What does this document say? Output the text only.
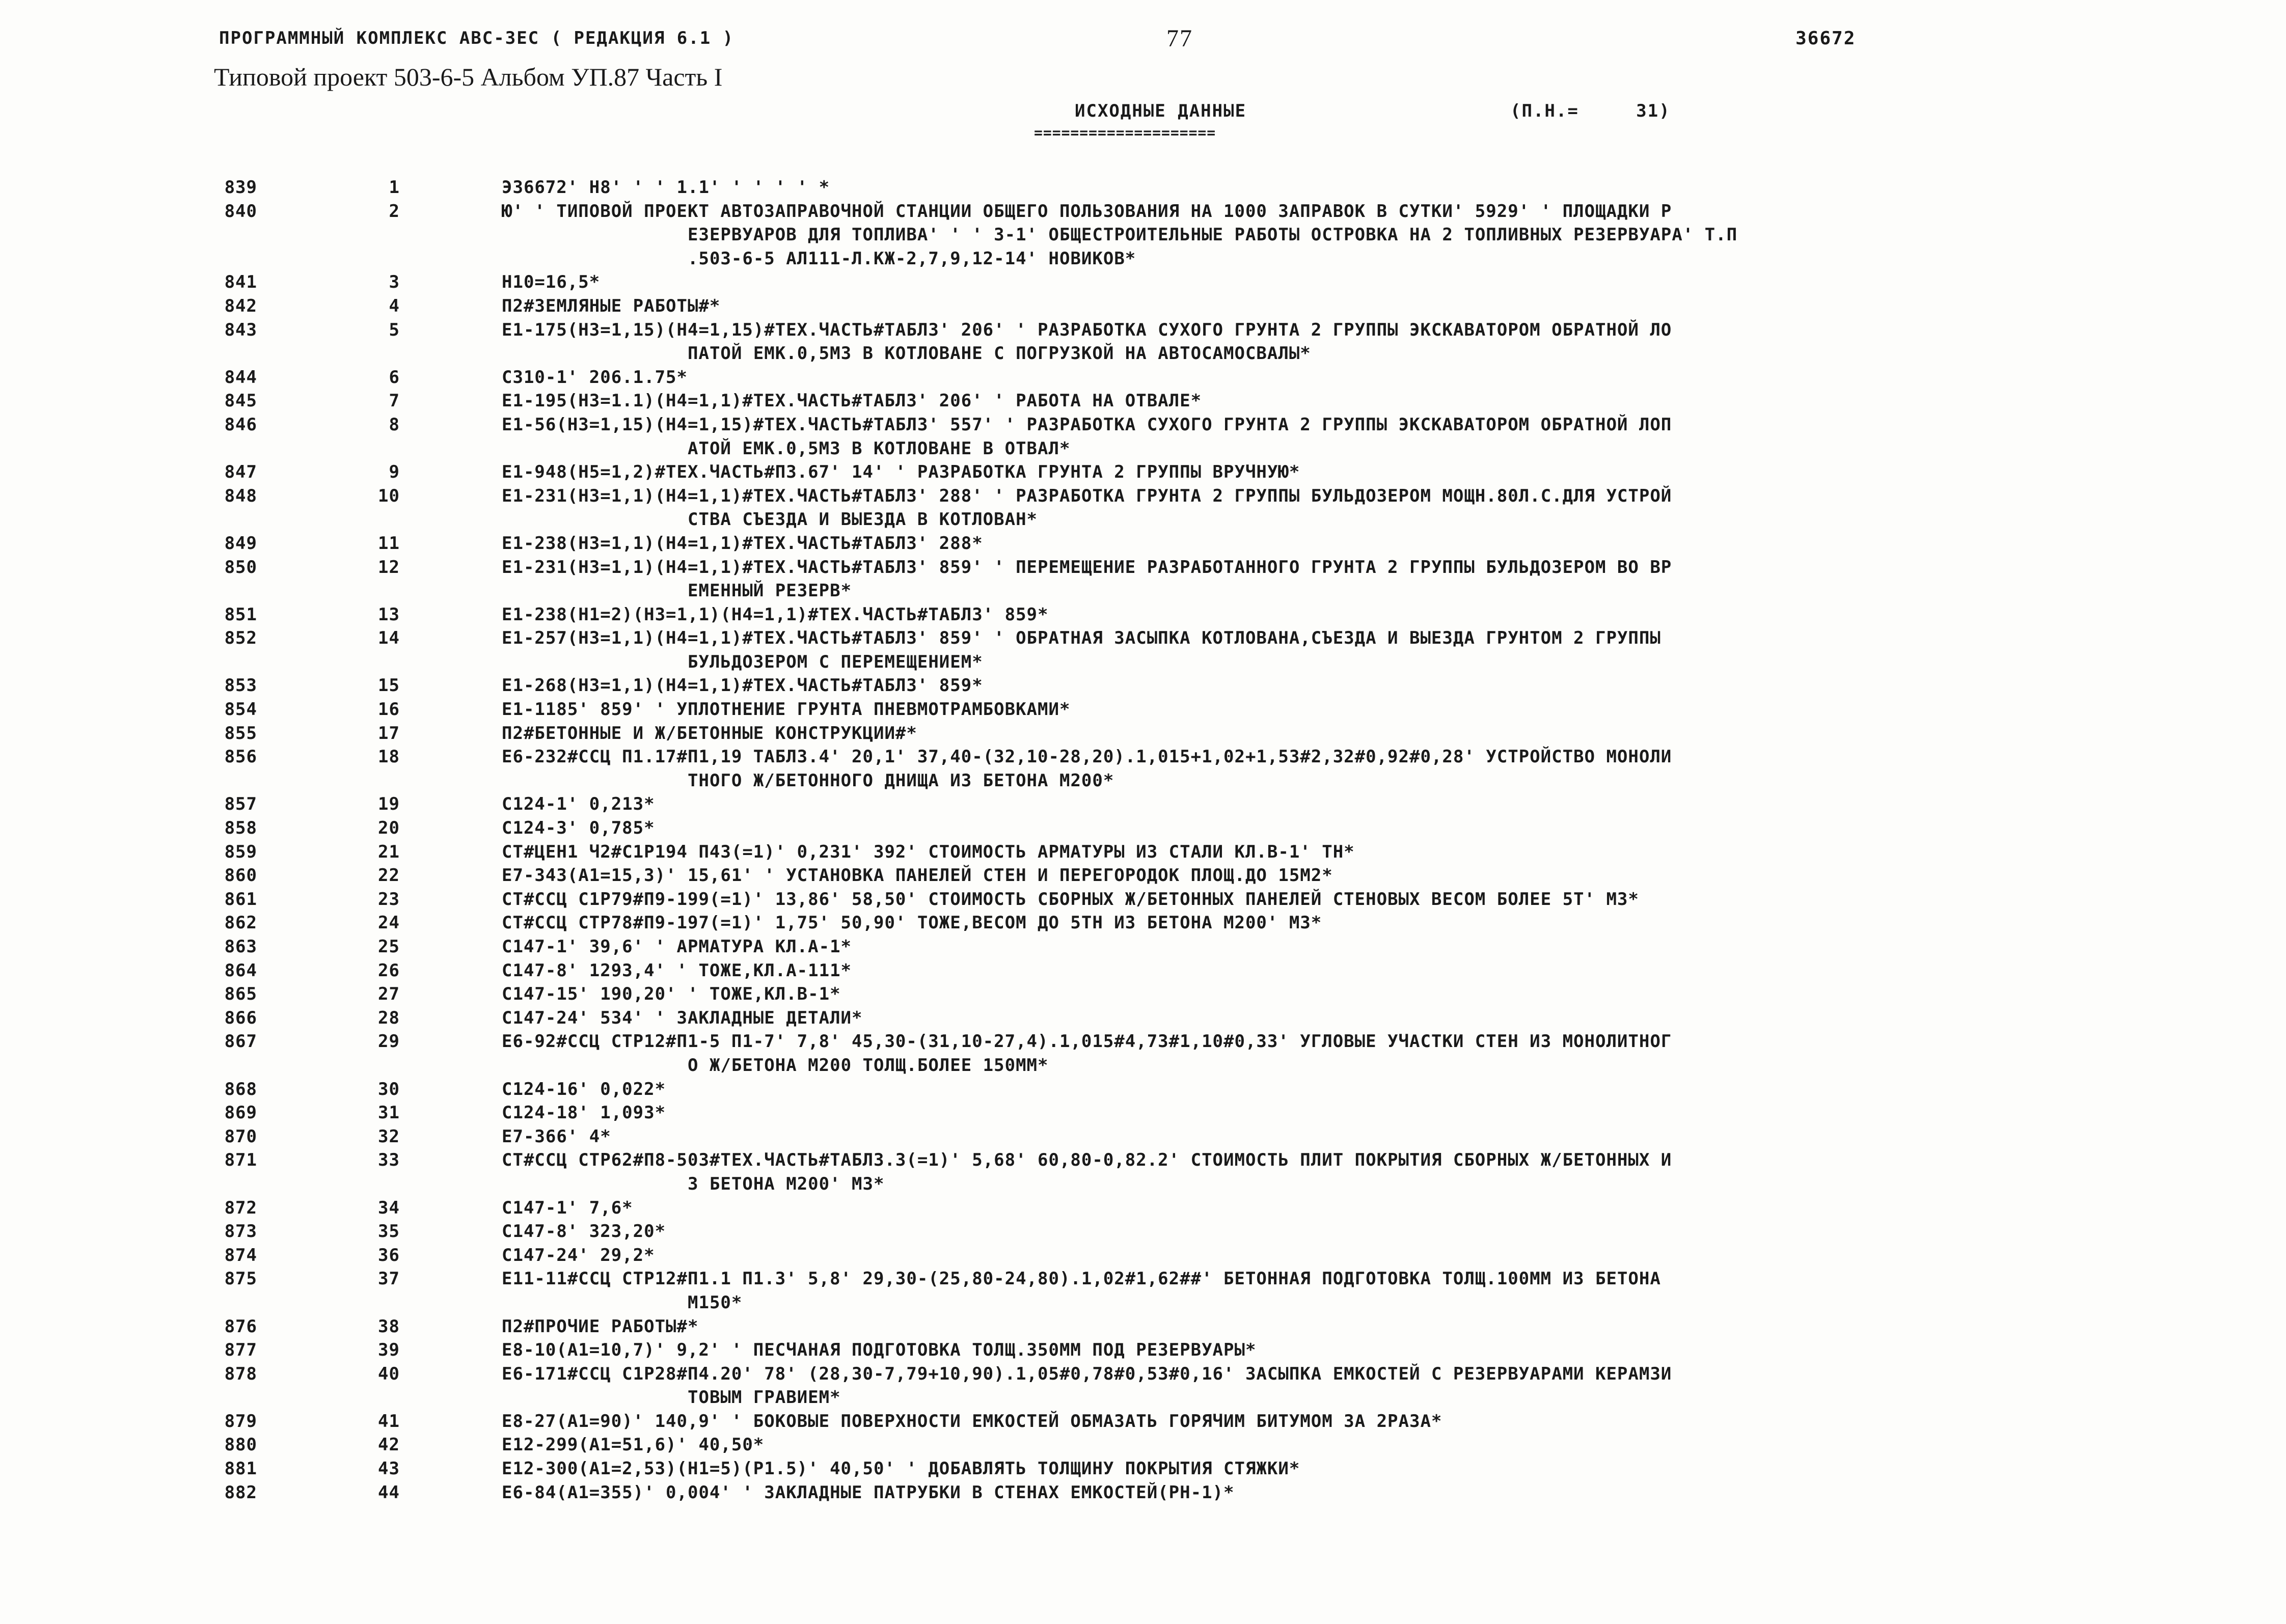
ПРОГРАММНЫЙ КОМПЛЕКС АВС-ЗЕС ( РЕДАКЦИЯ 6.1 )	77	36672
Типовой проект 503-6-5 Альбом УП.87 Часть I
ИСХОДНЫЕ ДАННЫЕ	(П.Н.=     31)
====================
839	1	Э36672' Н8' ' ' 1.1' ' ' ' ' *
840	2	Ю' ' ТИПОВОЙ ПРОЕКТ АВТОЗАПРАВОЧНОЙ СТАНЦИИ ОБЩЕГО ПОЛЬЗОВАНИЯ НА 1000 ЗАПРАВОК В СУТКИ' 5929' ' ПЛОЩАДКИ Р
ЕЗЕРВУАРОВ ДЛЯ ТОПЛИВА' ' ' 3-1' ОБЩЕСТРОИТЕЛЬНЫЕ РАБОТЫ ОСТРОВКА НА 2 ТОПЛИВНЫХ РЕЗЕРВУАРА' Т.П
.503-6-5 АЛ111-Л.КЖ-2,7,9,12-14' НОВИКОВ*
841	3	Н10=16,5*
842	4	П2#ЗЕМЛЯНЫЕ РАБОТЫ#*
843	5	Е1-175(Н3=1,15)(Н4=1,15)#ТЕХ.ЧАСТЬ#ТАБЛ3' 206' ' РАЗРАБОТКА СУХОГО ГРУНТА 2 ГРУППЫ ЭКСКАВАТОРОМ ОБРАТНОЙ ЛО
ПАТОЙ ЕМК.0,5М3 В КОТЛОВАНЕ С ПОГРУЗКОЙ НА АВТОСАМОСВАЛЫ*
844	6	С310-1' 206.1.75*
845	7	Е1-195(Н3=1.1)(Н4=1,1)#ТЕХ.ЧАСТЬ#ТАБЛ3' 206' ' РАБОТА НА ОТВАЛЕ*
846	8	Е1-56(Н3=1,15)(Н4=1,15)#ТЕХ.ЧАСТЬ#ТАБЛ3' 557' ' РАЗРАБОТКА СУХОГО ГРУНТА 2 ГРУППЫ ЭКСКАВАТОРОМ ОБРАТНОЙ ЛОП
АТОЙ ЕМК.0,5М3 В КОТЛОВАНЕ В ОТВАЛ*
847	9	Е1-948(Н5=1,2)#ТЕХ.ЧАСТЬ#П3.67' 14' ' РАЗРАБОТКА ГРУНТА 2 ГРУППЫ ВРУЧНУЮ*
848	10	Е1-231(Н3=1,1)(Н4=1,1)#ТЕХ.ЧАСТЬ#ТАБЛ3' 288' ' РАЗРАБОТКА ГРУНТА 2 ГРУППЫ БУЛЬДОЗЕРОМ МОЩН.80Л.С.ДЛЯ УСТРОЙ
СТВА СЪЕЗДА И ВЫЕЗДА В КОТЛОВАН*
849	11	Е1-238(Н3=1,1)(Н4=1,1)#ТЕХ.ЧАСТЬ#ТАБЛ3' 288*
850	12	Е1-231(Н3=1,1)(Н4=1,1)#ТЕХ.ЧАСТЬ#ТАБЛ3' 859' ' ПЕРЕМЕЩЕНИЕ РАЗРАБОТАННОГО ГРУНТА 2 ГРУППЫ БУЛЬДОЗЕРОМ ВО ВР
ЕМЕННЫЙ РЕЗЕРВ*
851	13	Е1-238(Н1=2)(Н3=1,1)(Н4=1,1)#ТЕХ.ЧАСТЬ#ТАБЛ3' 859*
852	14	Е1-257(Н3=1,1)(Н4=1,1)#ТЕХ.ЧАСТЬ#ТАБЛ3' 859' ' ОБРАТНАЯ ЗАСЫПКА КОТЛОВАНА,СЪЕЗДА И ВЫЕЗДА ГРУНТОМ 2 ГРУППЫ
БУЛЬДОЗЕРОМ С ПЕРЕМЕЩЕНИЕМ*
853	15	Е1-268(Н3=1,1)(Н4=1,1)#ТЕХ.ЧАСТЬ#ТАБЛ3' 859*
854	16	Е1-1185' 859' ' УПЛОТНЕНИЕ ГРУНТА ПНЕВМОТРАМБОВКАМИ*
855	17	П2#БЕТОННЫЕ И Ж/БЕТОННЫЕ КОНСТРУКЦИИ#*
856	18	Е6-232#ССЦ П1.17#П1,19 ТАБЛ3.4' 20,1' 37,40-(32,10-28,20).1,015+1,02+1,53#2,32#0,92#0,28' УСТРОЙСТВО МОНОЛИ
ТНОГО Ж/БЕТОННОГО ДНИЩА ИЗ БЕТОНА М200*
857	19	С124-1' 0,213*
858	20	С124-3' 0,785*
859	21	СТ#ЦЕН1 Ч2#С1Р194 П43(=1)' 0,231' 392' СТОИМОСТЬ АРМАТУРЫ ИЗ СТАЛИ КЛ.В-1' ТН*
860	22	Е7-343(А1=15,3)' 15,61' ' УСТАНОВКА ПАНЕЛЕЙ СТЕН И ПЕРЕГОРОДОК ПЛОЩ.ДО 15М2*
861	23	СТ#ССЦ С1Р79#П9-199(=1)' 13,86' 58,50' СТОИМОСТЬ СБОРНЫХ Ж/БЕТОННЫХ ПАНЕЛЕЙ СТЕНОВЫХ ВЕСОМ БОЛЕЕ 5Т' М3*
862	24	СТ#ССЦ СТР78#П9-197(=1)' 1,75' 50,90' ТОЖЕ,ВЕСОМ ДО 5ТН ИЗ БЕТОНА М200' М3*
863	25	С147-1' 39,6' ' АРМАТУРА КЛ.А-1*
864	26	С147-8' 1293,4' ' ТОЖЕ,КЛ.А-111*
865	27	С147-15' 190,20' ' ТОЖЕ,КЛ.В-1*
866	28	С147-24' 534' ' ЗАКЛАДНЫЕ ДЕТАЛИ*
867	29	Е6-92#ССЦ СТР12#П1-5 П1-7' 7,8' 45,30-(31,10-27,4).1,015#4,73#1,10#0,33' УГЛОВЫЕ УЧАСТКИ СТЕН ИЗ МОНОЛИТНОГ
О Ж/БЕТОНА М200 ТОЛЩ.БОЛЕЕ 150ММ*
868	30	С124-16' 0,022*
869	31	С124-18' 1,093*
870	32	Е7-366' 4*
871	33	СТ#ССЦ СТР62#П8-503#ТЕХ.ЧАСТЬ#ТАБЛ3.3(=1)' 5,68' 60,80-0,82.2' СТОИМОСТЬ ПЛИТ ПОКРЫТИЯ СБОРНЫХ Ж/БЕТОННЫХ И
З БЕТОНА М200' М3*
872	34	С147-1' 7,6*
873	35	С147-8' 323,20*
874	36	С147-24' 29,2*
875	37	Е11-11#ССЦ СТР12#П1.1 П1.3' 5,8' 29,30-(25,80-24,80).1,02#1,62##' БЕТОННАЯ ПОДГОТОВКА ТОЛЩ.100ММ ИЗ БЕТОНА
М150*
876	38	П2#ПРОЧИЕ РАБОТЫ#*
877	39	Е8-10(А1=10,7)' 9,2' ' ПЕСЧАНАЯ ПОДГОТОВКА ТОЛЩ.350ММ ПОД РЕЗЕРВУАРЫ*
878	40	Е6-171#ССЦ С1Р28#П4.20' 78' (28,30-7,79+10,90).1,05#0,78#0,53#0,16' ЗАСЫПКА ЕМКОСТЕЙ С РЕЗЕРВУАРАМИ КЕРАМЗИ
ТОВЫМ ГРАВИЕМ*
879	41	Е8-27(А1=90)' 140,9' ' БОКОВЫЕ ПОВЕРХНОСТИ ЕМКОСТЕЙ ОБМАЗАТЬ ГОРЯЧИМ БИТУМОМ ЗА 2РАЗА*
880	42	Е12-299(А1=51,6)' 40,50*
881	43	Е12-300(А1=2,53)(Н1=5)(Р1.5)' 40,50' ' ДОБАВЛЯТЬ ТОЛЩИНУ ПОКРЫТИЯ СТЯЖКИ*
882	44	Е6-84(А1=355)' 0,004' ' ЗАКЛАДНЫЕ ПАТРУБКИ В СТЕНАХ ЕМКОСТЕЙ(РН-1)*
